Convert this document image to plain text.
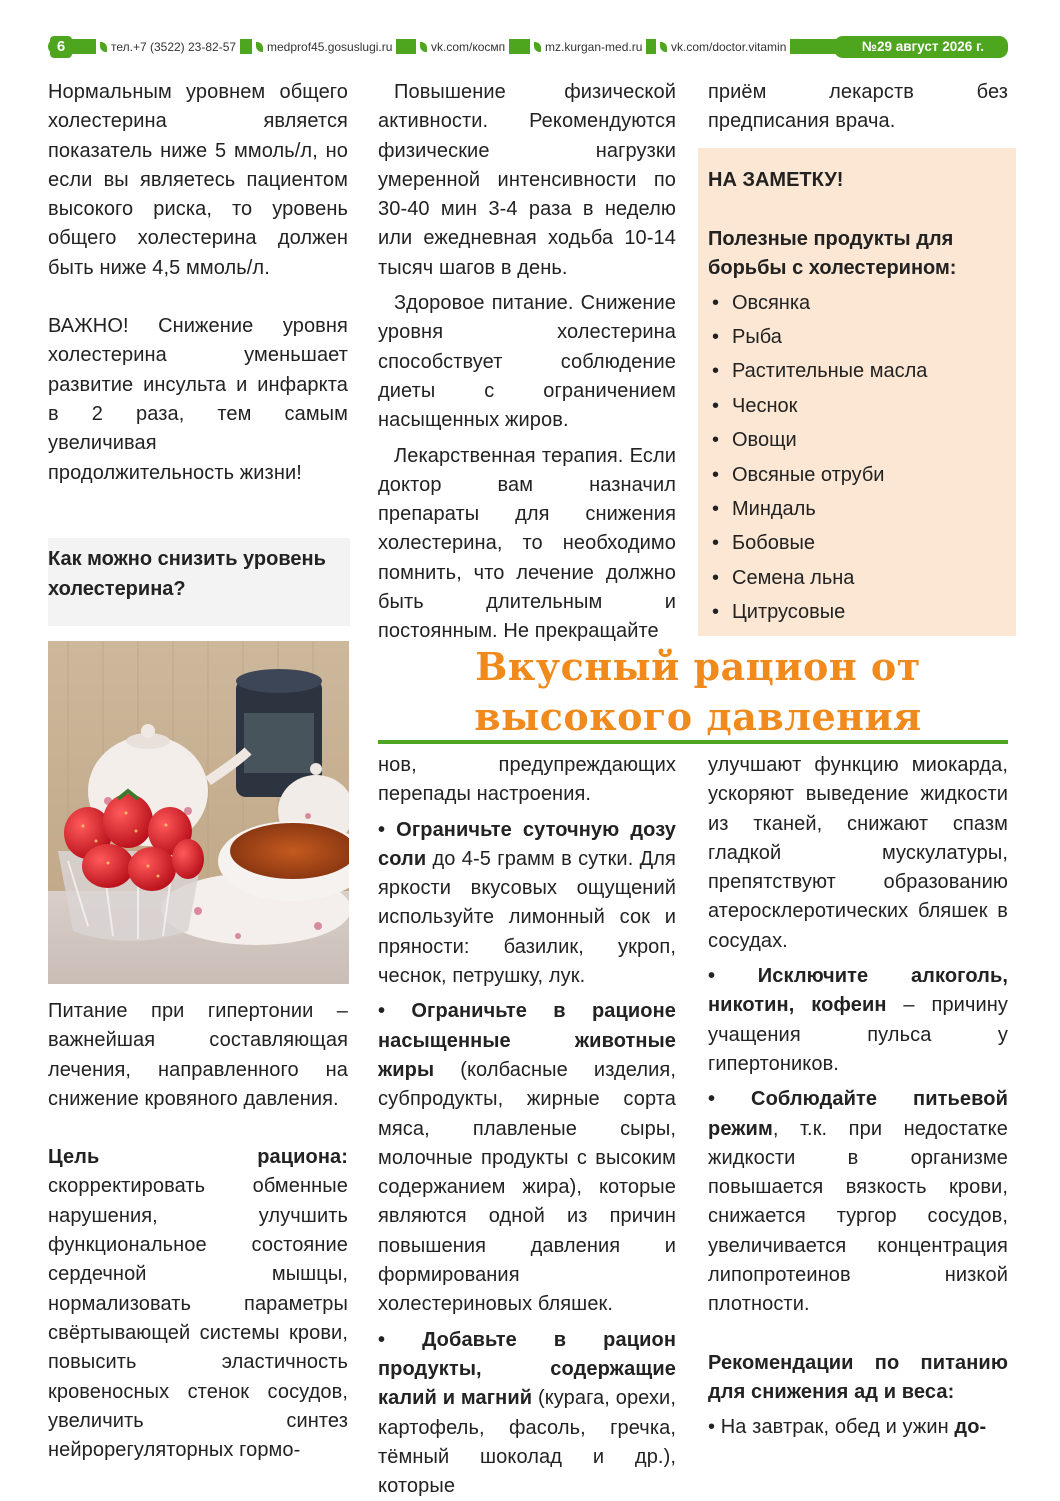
6	тел.+7 (3522) 23-82-57	medprof45.gosuslugi.ru	vk.com/космп	mz.kurgan-med.ru	vk.com/doctor.vitamin	№29 август 2026 г.

Нормальным уровнем общего холестерина является показатель ниже 5 ммоль/л, но если вы являетесь пациентом высокого риска, то уровень общего холестерина должен быть ниже 4,5 ммоль/л.

ВАЖНО! Снижение уровня холестерина уменьшает развитие инсульта и инфаркта в 2 раза, тем самым увеличивая продолжительность жизни!

Как можно снизить уровень холестерина?

Питание при гипертонии – важнейшая составляющая лечения, направленного на снижение кровяного давления.

Цель рациона: скорректировать обменные нарушения, улучшить функциональное состояние сердечной мышцы, нормализовать параметры свёртывающей системы крови, повысить эластичность кровеносных стенок сосудов, увеличить синтез нейрорегуляторных гормо-

Повышение физической активности. Рекомендуются физические нагрузки умеренной интенсивности по 30-40 мин 3-4 раза в неделю или ежедневная ходьба 10-14 тысяч шагов в день.

Здоровое питание. Снижение уровня холестерина способствует соблюдение диеты с ограничением насыщенных жиров.

Лекарственная терапия. Если доктор вам назначил препараты для снижения холестерина, то необходимо помнить, что лечение должно быть длительным и постоянным. Не прекращайте

приём лекарств без предписания врача.

НА ЗАМЕТКУ!
Полезные продукты для борьбы с холестерином:
• Овсянка
• Рыба
• Растительные масла
• Чеснок
• Овощи
• Овсяные отруби
• Миндаль
• Бобовые
• Семена льна
• Цитрусовые
Вкусный рацион от
высокого давления

нов, предупреждающих перепады настроения.

• Ограничьте суточную дозу соли до 4-5 грамм в сутки. Для яркости вкусовых ощущений используйте лимонный сок и пряности: базилик, укроп, чеснок, петрушку, лук.

• Ограничьте в рационе насыщенные животные жиры (колбасные изделия, субпродукты, жирные сорта мяса, плавленые сыры, молочные продукты с высоким содержанием жира), которые являются одной из причин повышения давления и формирования холестериновых бляшек.

• Добавьте в рацион продукты, содержащие калий и магний (курага, орехи, картофель, фасоль, гречка, тёмный шоколад и др.), которые

улучшают функцию миокарда, ускоряют выведение жидкости из тканей, снижают спазм гладкой мускулатуры, препятствуют образованию атеросклеротических бляшек в сосудах.

• Исключите алкоголь, никотин, кофеин – причину учащения пульса у гипертоников.

• Соблюдайте питьевой режим, т.к. при недостатке жидкости в организме повышается вязкость крови, снижается тургор сосудов, увеличивается концентрация липопротеинов низкой плотности.

Рекомендации по питанию для снижения ад и веса:

• На завтрак, обед и ужин до-
